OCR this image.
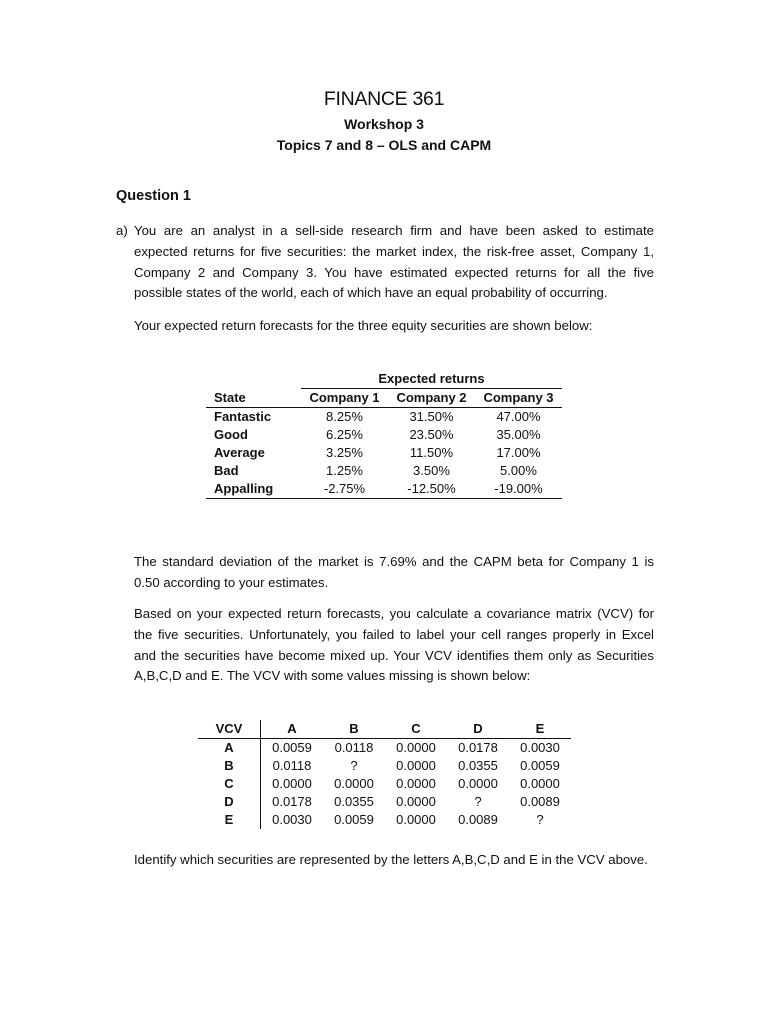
FINANCE 361
Workshop 3
Topics 7 and 8 – OLS and CAPM
Question 1
a) You are an analyst in a sell-side research firm and have been asked to estimate expected returns for five securities: the market index, the risk-free asset, Company 1, Company 2 and Company 3. You have estimated expected returns for all the five possible states of the world, each of which have an equal probability of occurring.

Your expected return forecasts for the three equity securities are shown below:

	Expected returns		
State	Company 1	Company 2	Company 3
Fantastic	8.25%	31.50%	47.00%
Good	6.25%	23.50%	35.00%
Average	3.25%	11.50%	17.00%
Bad	1.25%	3.50%	5.00%
Appalling	-2.75%	-12.50%	-19.00%

The standard deviation of the market is 7.69% and the CAPM beta for Company 1 is 0.50 according to your estimates.

Based on your expected return forecasts, you calculate a covariance matrix (VCV) for the five securities. Unfortunately, you failed to label your cell ranges properly in Excel and the securities have become mixed up. Your VCV identifies them only as Securities A,B,C,D and E. The VCV with some values missing is shown below:

VCV	A	B	C	D	E
A	0.0059	0.0118	0.0000	0.0178	0.0030
B	0.0118	?	0.0000	0.0355	0.0059
C	0.0000	0.0000	0.0000	0.0000	0.0000
D	0.0178	0.0355	0.0000	?	0.0089
E	0.0030	0.0059	0.0000	0.0089	?

Identify which securities are represented by the letters A,B,C,D and E in the VCV above.
